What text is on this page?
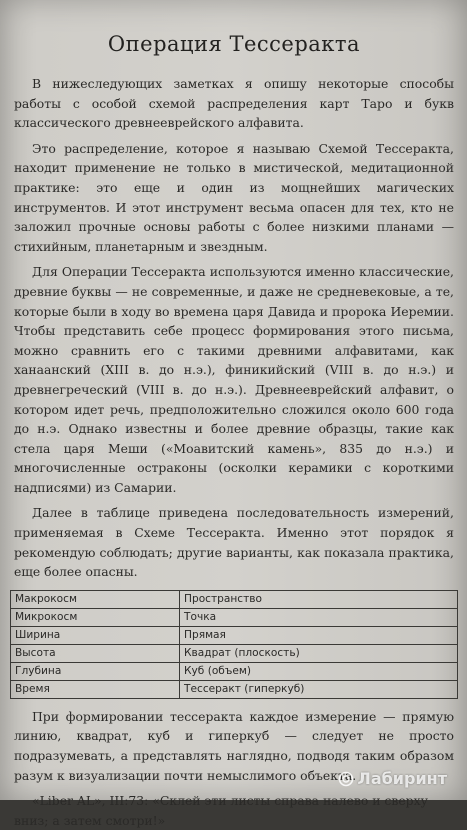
Операция Тессеракта

В нижеследующих заметках я опишу некоторые способы работы с особой схемой распределения карт Таро и букв классического древнееврейского алфавита.

Это распределение, которое я называю Схемой Тессеракта, находит применение не только в мистической, медитационной практике: это еще и один из мощнейших магических инструментов. И этот инструмент весьма опасен для тех, кто не заложил прочные основы работы с более низкими планами — стихийным, планетарным и звездным.

Для Операции Тессеракта используются именно классические, древние буквы — не современные, и даже не средневековые, а те, которые были в ходу во времена царя Давида и пророка Иеремии. Чтобы представить себе процесс формирования этого письма, можно сравнить его с такими древними алфавитами, как ханаанский (XIII в. до н.э.), финикийский (VIII в. до н.э.) и древнегреческий (VIII в. до н.э.). Древнееврейский алфавит, о котором идет речь, предположительно сложился около 600 года до н.э. Однако известны и более древние образцы, такие как стела царя Меши («Моавитский камень», 835 до н.э.) и многочисленные остраконы (осколки керамики с короткими надписями) из Самарии.

Далее в таблице приведена последовательность измерений, применяемая в Схеме Тессеракта. Именно этот порядок я рекомендую соблюдать; другие варианты, как показала практика, еще более опасны.

Макрокосм	Пространство
Микрокосм	Точка
Ширина	Прямая
Высота	Квадрат (плоскость)
Глубина	Куб (объем)
Время	Тессеракт (гиперкуб)

При формировании тессеракта каждое измерение — прямую линию, квадрат, куб и гиперкуб — следует не просто подразумевать, а представлять наглядно, подводя таким образом разум к визуализации почти немыслимого объекта.

«Liber AL», III:73: «Склей эти листы справа налево и сверху вниз; а затем смотри!»

Лабиринт
